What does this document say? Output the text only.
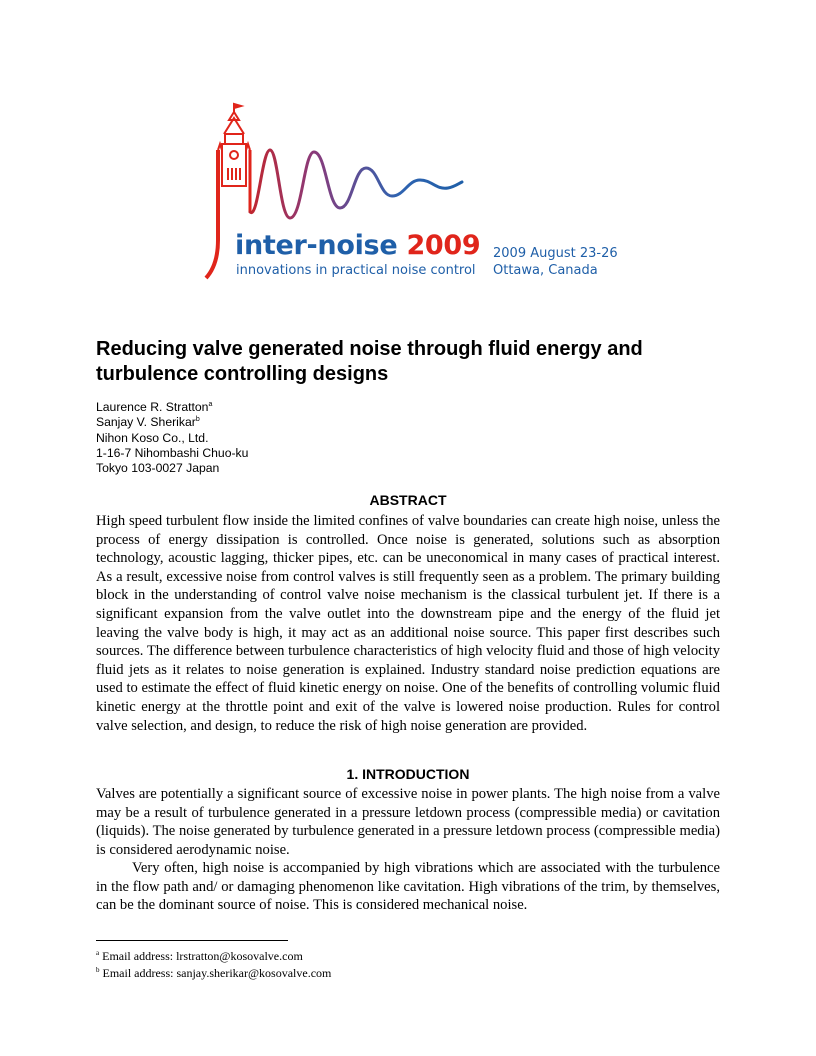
inter-noise 2009
innovations in practical noise control
2009 August 23-26
Ottawa, Canada
Reducing valve generated noise through fluid energy and turbulence controlling designs
Laurence R. Stratton$^a$
Sanjay V. Sherikar$^b$
Nihon Koso Co., Ltd.
1-16-7 Nihombashi Chuo-ku
Tokyo 103-0027 Japan
ABSTRACT

High speed turbulent flow inside the limited confines of valve boundaries can create high noise, unless the process of energy dissipation is controlled. Once noise is generated, solutions such as absorption technology, acoustic lagging, thicker pipes, etc. can be uneconomical in many cases of practical interest. As a result, excessive noise from control valves is still frequently seen as a problem. The primary building block in the understanding of control valve noise mechanism is the classical turbulent jet. If there is a significant expansion from the valve outlet into the downstream pipe and the energy of the fluid jet leaving the valve body is high, it may act as an additional noise source. This paper first describes such sources. The difference between turbulence characteristics of high velocity fluid and those of high velocity fluid jets as it relates to noise generation is explained. Industry standard noise prediction equations are used to estimate the effect of fluid kinetic energy on noise. One of the benefits of controlling volumic fluid kinetic energy at the throttle point and exit of the valve is lowered noise production. Rules for control valve selection, and design, to reduce the risk of high noise generation are provided.

1. INTRODUCTION

Valves are potentially a significant source of excessive noise in power plants. The high noise from a valve may be a result of turbulence generated in a pressure letdown process (compressible media) or cavitation (liquids). The noise generated by turbulence generated in a pressure letdown process (compressible media) is considered aerodynamic noise.

Very often, high noise is accompanied by high vibrations which are associated with the turbulence in the flow path and/ or damaging phenomenon like cavitation. High vibrations of the trim, by themselves, can be the dominant source of noise. This is considered mechanical noise.

$^a$ Email address: lrstratton@kosovalve.com
$^b$ Email address: sanjay.sherikar@kosovalve.com
